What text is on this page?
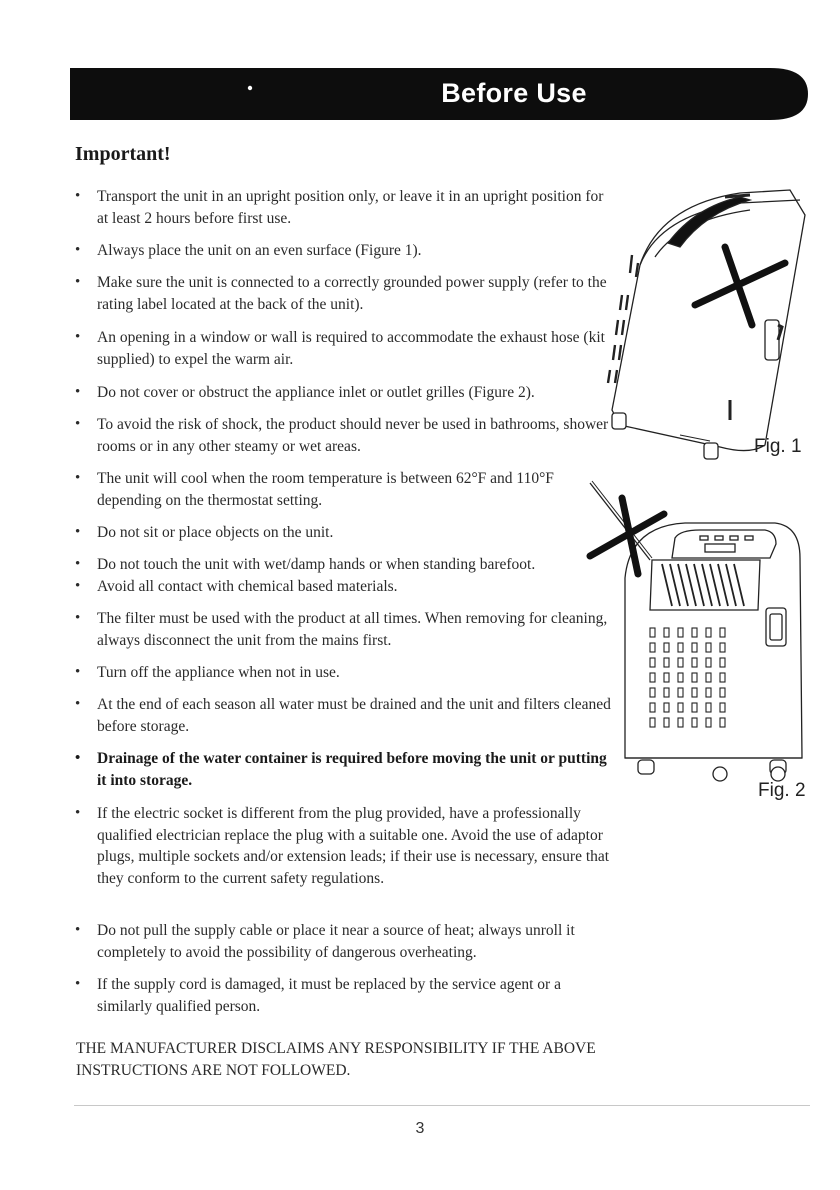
Before Use
Important!
• Transport the unit in an upright position only, or leave it in an upright position for at least 2 hours before first use.
• Always place the unit on an even surface (Figure 1).
• Make sure the unit is connected to a correctly grounded power supply (refer to the rating label located at the back of the unit).
• An opening in a window or wall is required to accommodate the exhaust hose (kit supplied) to expel the warm air.
• Do not cover or obstruct the appliance inlet or outlet grilles (Figure 2).
• To avoid the risk of shock, the product should never be used in bathrooms, shower rooms or in any other steamy or wet areas.
• The unit will cool when the room temperature is between 62°F and 110°F depending on the thermostat setting.
• Do not sit or place objects on the unit.
• Do not touch the unit with wet/damp hands or when standing barefoot.
• Avoid all contact with chemical based materials.
• The filter must be used with the product at all times. When removing for cleaning, always disconnect the unit from the mains first.
• Turn off the appliance when not in use.
• At the end of each season all water must be drained and the unit and filters cleaned before storage.
• Drainage of the water container is required before moving the unit or putting it into storage.
• If the electric socket is different from the plug provided, have a professionally qualified electrician replace the plug with a suitable one. Avoid the use of adaptor plugs, multiple sockets and/or extension leads; if their use is necessary, ensure that they conform to the current safety regulations.
• Do not pull the supply cable or place it near a source of heat; always unroll it completely to avoid the possibility of dangerous overheating.
• If the supply cord is damaged, it must be replaced by the service agent or a similarly qualified person.
Fig. 1
Fig. 2
THE MANUFACTURER DISCLAIMS ANY RESPONSIBILITY IF THE ABOVE INSTRUCTIONS ARE NOT FOLLOWED.
3
